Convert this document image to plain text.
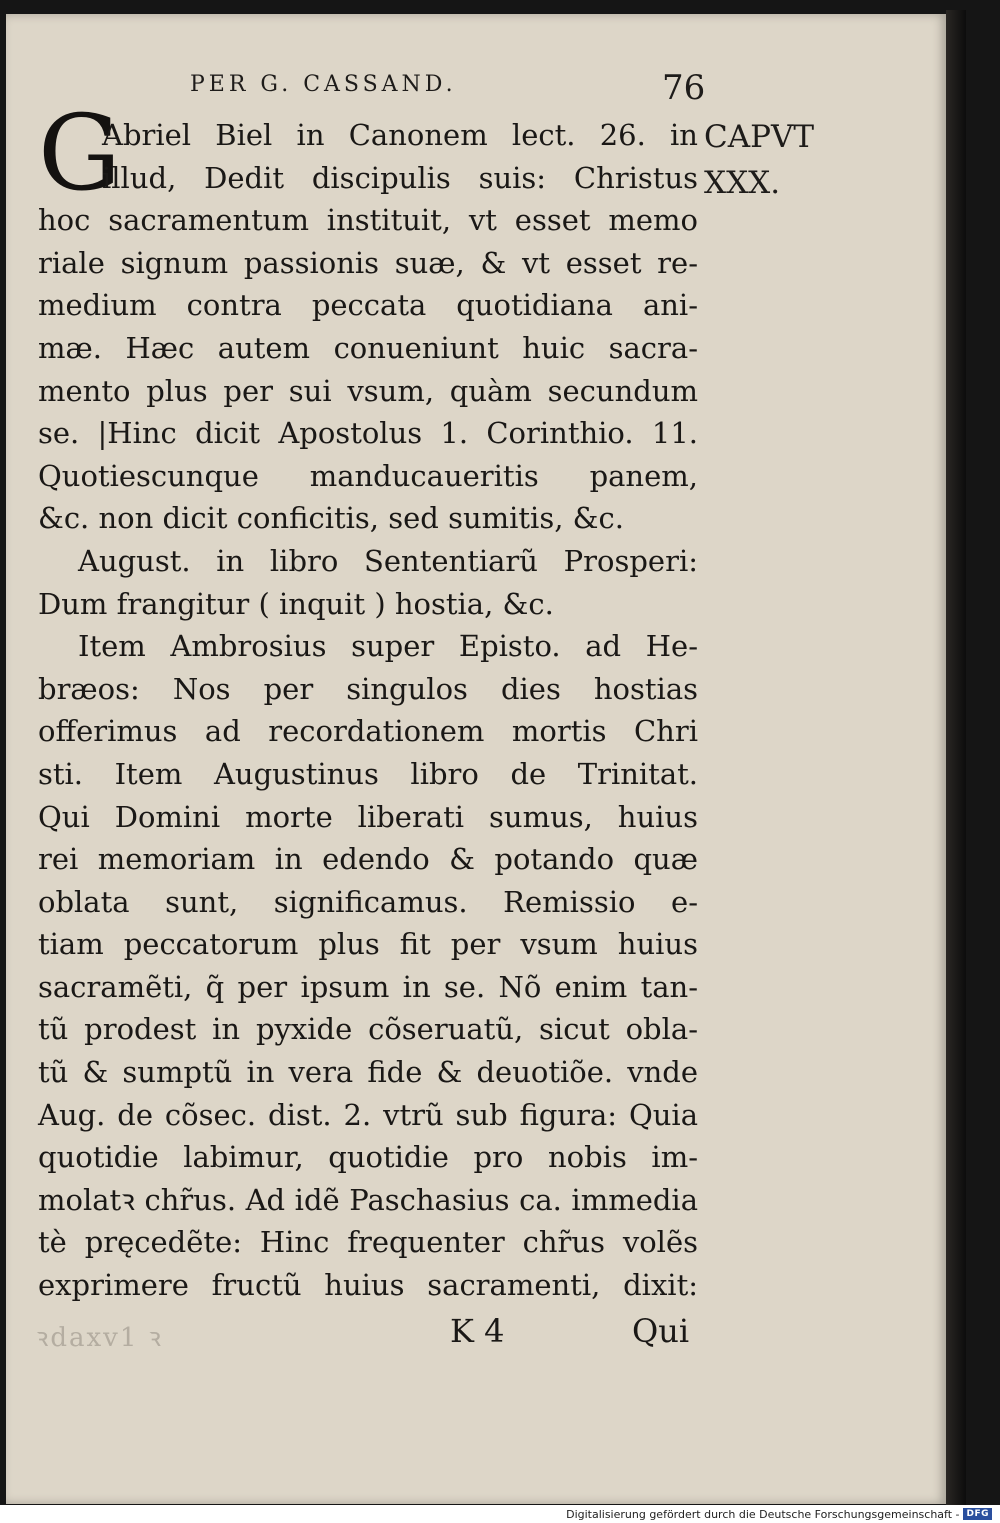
PER G. CASSAND.	76
CAPVT
XXX.
G
Abriel Biel in Canonem lect. 26. in
illud, Dedit discipulis suis: Christus
hoc sacramentum instituit, vt esset memo
riale signum passionis suæ, & vt esset re-
medium contra peccata quotidiana ani-
mæ. Hæc autem conueniunt huic sacra-
mento plus per sui vsum, quàm secundum
se. |Hinc dicit Apostolus 1. Corinthio. 11.
Quotiescunque manducaueritis panem,
&c. non dicit conficitis, sed sumitis, &c.
August. in libro Sententiarũ Prosperi:
Dum frangitur ( inquit ) hostia, &c.
Item Ambrosius super Episto. ad He-
bræos: Nos per singulos dies hostias
offerimus ad recordationem mortis Chri
sti. Item Augustinus libro de Trinitat.
Qui Domini morte liberati sumus, huius
rei memoriam in edendo & potando quæ
oblata sunt, significamus. Remissio e-
tiam peccatorum plus fit per vsum huius
sacramẽti, q̃ per ipsum in se. Nõ enim tan-
tũ prodest in pyxide cõseruatũ, sicut obla-
tũ & sumptũ in vera fide & deuotiõe. vnde
Aug. de cõsec. dist. 2. vtrũ sub figura: Quia
quotidie labimur, quotidie pro nobis im-
molatꝛ chr̃us. Ad idẽ Paschasius ca. immedia
tè pręcedẽte: Hinc frequenter chr̃us volẽs
exprimere fructũ huius sacramenti, dixit:
ꝛdaxv1 ꝛ	K 4	Qui
Digitalisierung gefördert durch die Deutsche Forschungsgemeinschaft - DFG
